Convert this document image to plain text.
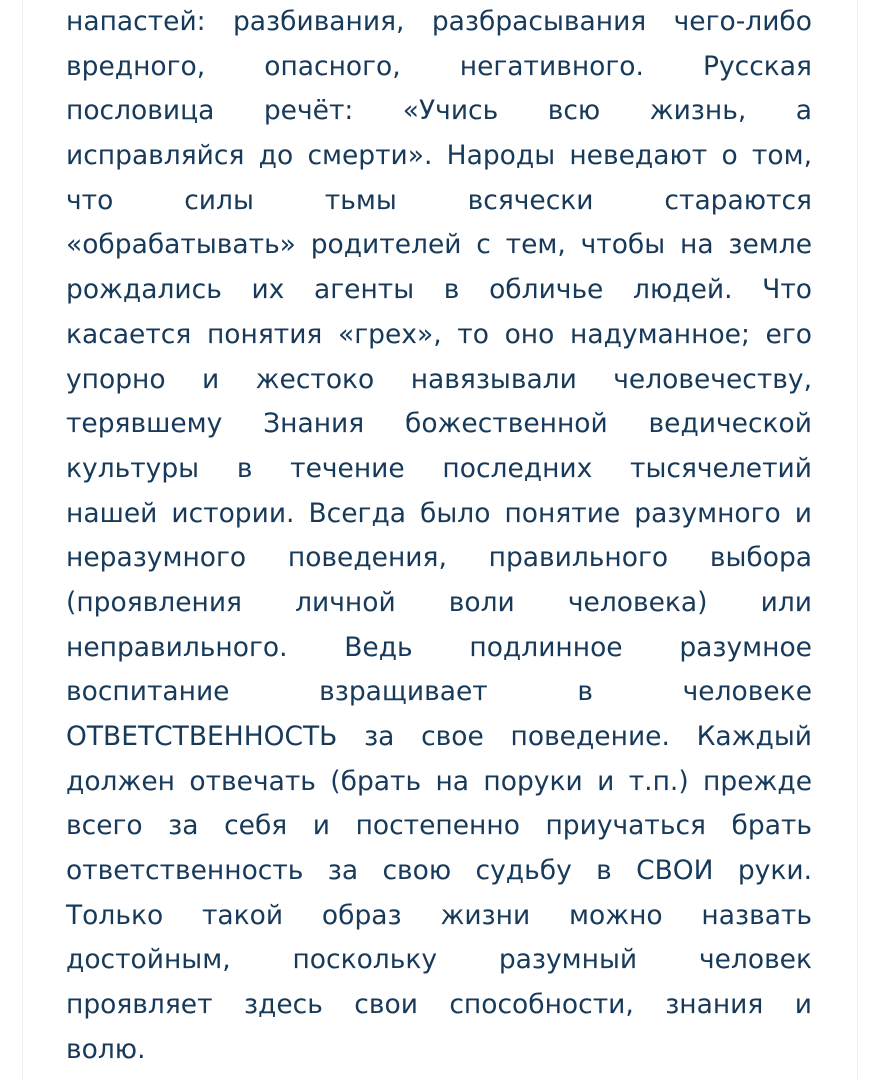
напастей: разбивания, разбрасывания чего-либо
вредного, опасного, негативного. Русская
пословица речёт: «Учись всю жизнь, а
исправляйся до смерти». Народы неведают о том,
что силы тьмы всячески стараются
«обрабатывать» родителей с тем, чтобы на земле
рождались их агенты в обличье людей. Что
касается понятия «грех», то оно надуманное; его
упорно и жестоко навязывали человечеству,
терявшему Знания божественной ведической
культуры в течение последних тысячелетий
нашей истории. Всегда было понятие разумного и
неразумного поведения, правильного выбора
(проявления личной воли человека) или
неправильного. Ведь подлинное разумное
воспитание взращивает в человеке
ОТВЕТСТВЕННОСТЬ за свое поведение. Каждый
должен отвечать (брать на поруки и т.п.) прежде
всего за себя и постепенно приучаться брать
ответственность за свою судьбу в СВОИ руки.
Только такой образ жизни можно назвать
достойным, поскольку разумный человек
проявляет здесь свои способности, знания и
волю.
